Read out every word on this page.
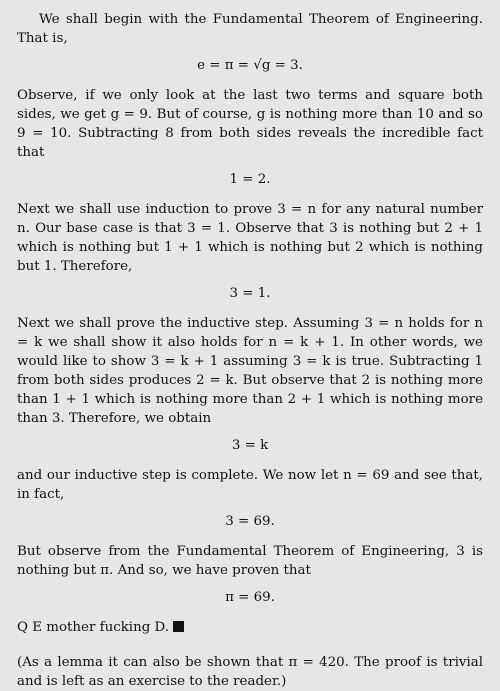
We shall begin with the Fundamental Theorem of Engineering. That is,

e = π = √g = 3.

Observe, if we only look at the last two terms and square both sides, we get g = 9. But of course, g is nothing more than 10 and so 9 = 10. Subtracting 8 from both sides reveals the incredible fact that

1 = 2.

Next we shall use induction to prove 3 = n for any natural number n. Our base case is that 3 = 1. Observe that 3 is nothing but 2 + 1 which is nothing but 1 + 1 which is nothing but 2 which is nothing but 1. Therefore,

3 = 1.

Next we shall prove the inductive step. Assuming 3 = n holds for n = k we shall show it also holds for n = k + 1. In other words, we would like to show 3 = k + 1 assuming 3 = k is true. Subtracting 1 from both sides produces 2 = k. But observe that 2 is nothing more than 1 + 1 which is nothing more than 2 + 1 which is nothing more than 3. Therefore, we obtain

3 = k

and our inductive step is complete. We now let n = 69 and see that, in fact,

3 = 69.

But observe from the Fundamental Theorem of Engineering, 3 is nothing but π. And so, we have proven that

π = 69.

Q E mother fucking D.

(As a lemma it can also be shown that π = 420. The proof is trivial and is left as an exercise to the reader.)
